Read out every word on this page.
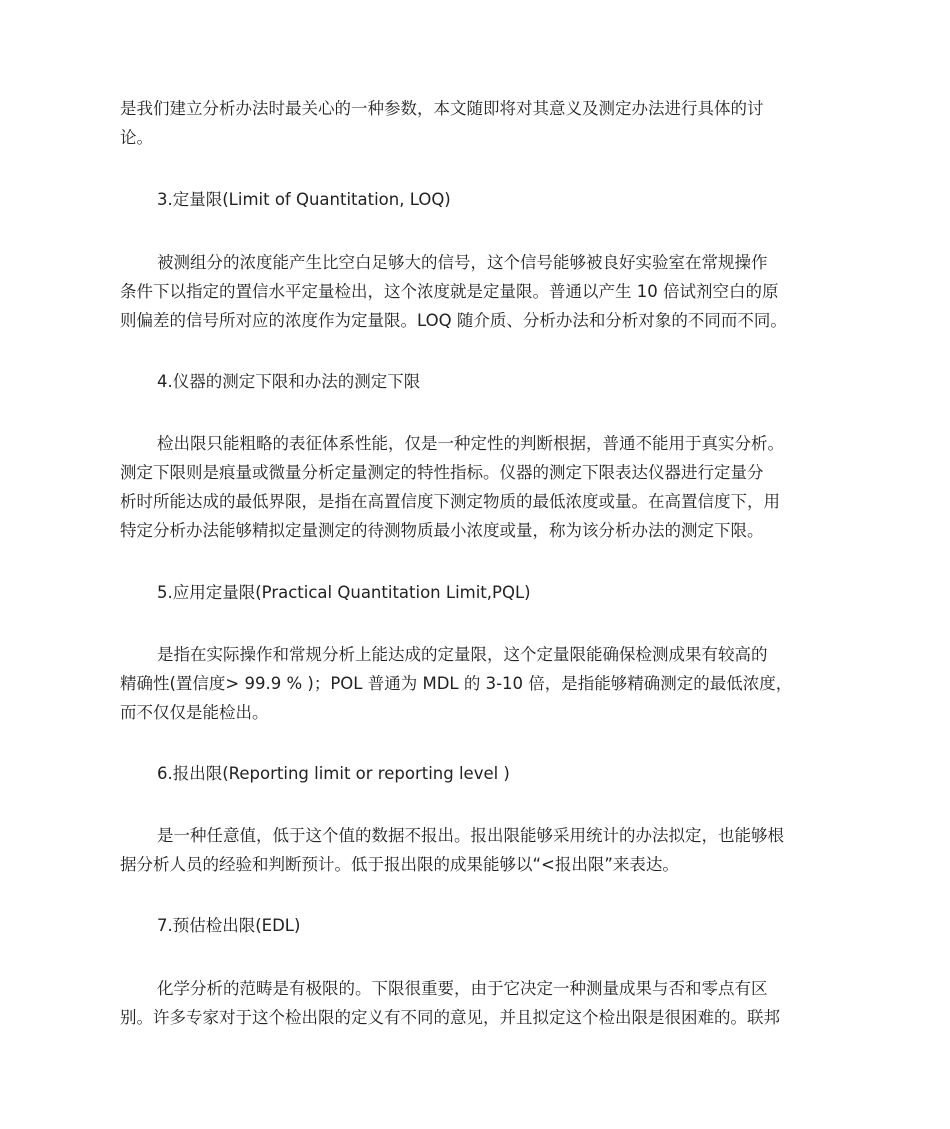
是我们建立分析办法时最关心的一种参数，本文随即将对其意义及测定办法进行具体的讨
论。
3.定量限(Limit of Quantitation, LOQ)
被测组分的浓度能产生比空白足够大的信号，这个信号能够被良好实验室在常规操作
条件下以指定的置信水平定量检出，这个浓度就是定量限。普通以产生 10 倍试剂空白的原
则偏差的信号所对应的浓度作为定量限。LOQ 随介质、分析办法和分析对象的不同而不同。
4.仪器的测定下限和办法的测定下限
检出限只能粗略的表征体系性能，仅是一种定性的判断根据，普通不能用于真实分析。
测定下限则是痕量或微量分析定量测定的特性指标。仪器的测定下限表达仪器进行定量分
析时所能达成的最低界限，是指在高置信度下测定物质的最低浓度或量。在高置信度下，用
特定分析办法能够精拟定量测定的待测物质最小浓度或量，称为该分析办法的测定下限。
5.应用定量限(Practical Quantitation Limit,PQL)
是指在实际操作和常规分析上能达成的定量限，这个定量限能确保检测成果有较高的
精确性(置信度> 99.9 % )；POL 普通为 MDL 的 3-10 倍，是指能够精确测定的最低浓度，
而不仅仅是能检出。
6.报出限(Reporting limit or reporting level )
是一种任意值，低于这个值的数据不报出。报出限能够采用统计的办法拟定，也能够根
据分析人员的经验和判断预计。低于报出限的成果能够以“<报出限”来表达。
7.预估检出限(EDL)
化学分析的范畴是有极限的。下限很重要，由于它决定一种测量成果与否和零点有区
别。许多专家对于这个检出限的定义有不同的意见，并且拟定这个检出限是很困难的。联邦
